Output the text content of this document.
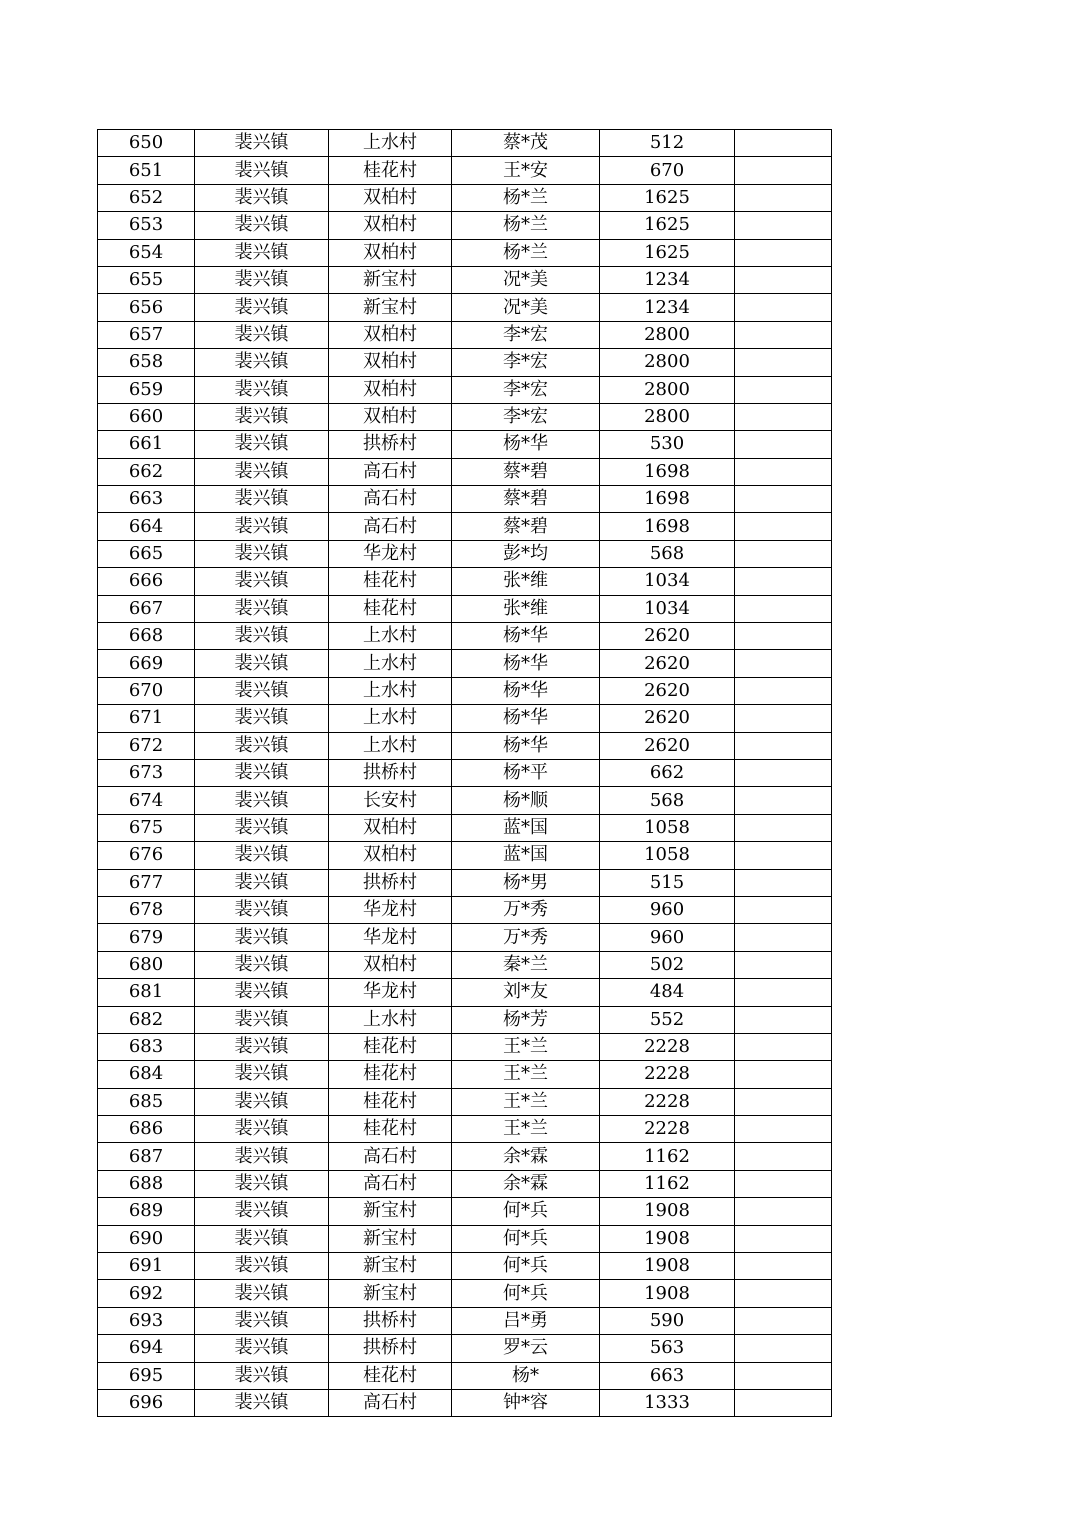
650	裴兴镇	上水村	蔡*茂	512	
651	裴兴镇	桂花村	王*安	670	
652	裴兴镇	双柏村	杨*兰	1625	
653	裴兴镇	双柏村	杨*兰	1625	
654	裴兴镇	双柏村	杨*兰	1625	
655	裴兴镇	新宝村	况*美	1234	
656	裴兴镇	新宝村	况*美	1234	
657	裴兴镇	双柏村	李*宏	2800	
658	裴兴镇	双柏村	李*宏	2800	
659	裴兴镇	双柏村	李*宏	2800	
660	裴兴镇	双柏村	李*宏	2800	
661	裴兴镇	拱桥村	杨*华	530	
662	裴兴镇	高石村	蔡*碧	1698	
663	裴兴镇	高石村	蔡*碧	1698	
664	裴兴镇	高石村	蔡*碧	1698	
665	裴兴镇	华龙村	彭*均	568	
666	裴兴镇	桂花村	张*维	1034	
667	裴兴镇	桂花村	张*维	1034	
668	裴兴镇	上水村	杨*华	2620	
669	裴兴镇	上水村	杨*华	2620	
670	裴兴镇	上水村	杨*华	2620	
671	裴兴镇	上水村	杨*华	2620	
672	裴兴镇	上水村	杨*华	2620	
673	裴兴镇	拱桥村	杨*平	662	
674	裴兴镇	长安村	杨*顺	568	
675	裴兴镇	双柏村	蓝*国	1058	
676	裴兴镇	双柏村	蓝*国	1058	
677	裴兴镇	拱桥村	杨*男	515	
678	裴兴镇	华龙村	万*秀	960	
679	裴兴镇	华龙村	万*秀	960	
680	裴兴镇	双柏村	秦*兰	502	
681	裴兴镇	华龙村	刘*友	484	
682	裴兴镇	上水村	杨*芳	552	
683	裴兴镇	桂花村	王*兰	2228	
684	裴兴镇	桂花村	王*兰	2228	
685	裴兴镇	桂花村	王*兰	2228	
686	裴兴镇	桂花村	王*兰	2228	
687	裴兴镇	高石村	余*霖	1162	
688	裴兴镇	高石村	余*霖	1162	
689	裴兴镇	新宝村	何*兵	1908	
690	裴兴镇	新宝村	何*兵	1908	
691	裴兴镇	新宝村	何*兵	1908	
692	裴兴镇	新宝村	何*兵	1908	
693	裴兴镇	拱桥村	吕*勇	590	
694	裴兴镇	拱桥村	罗*云	563	
695	裴兴镇	桂花村	杨*	663	
696	裴兴镇	高石村	钟*容	1333	
